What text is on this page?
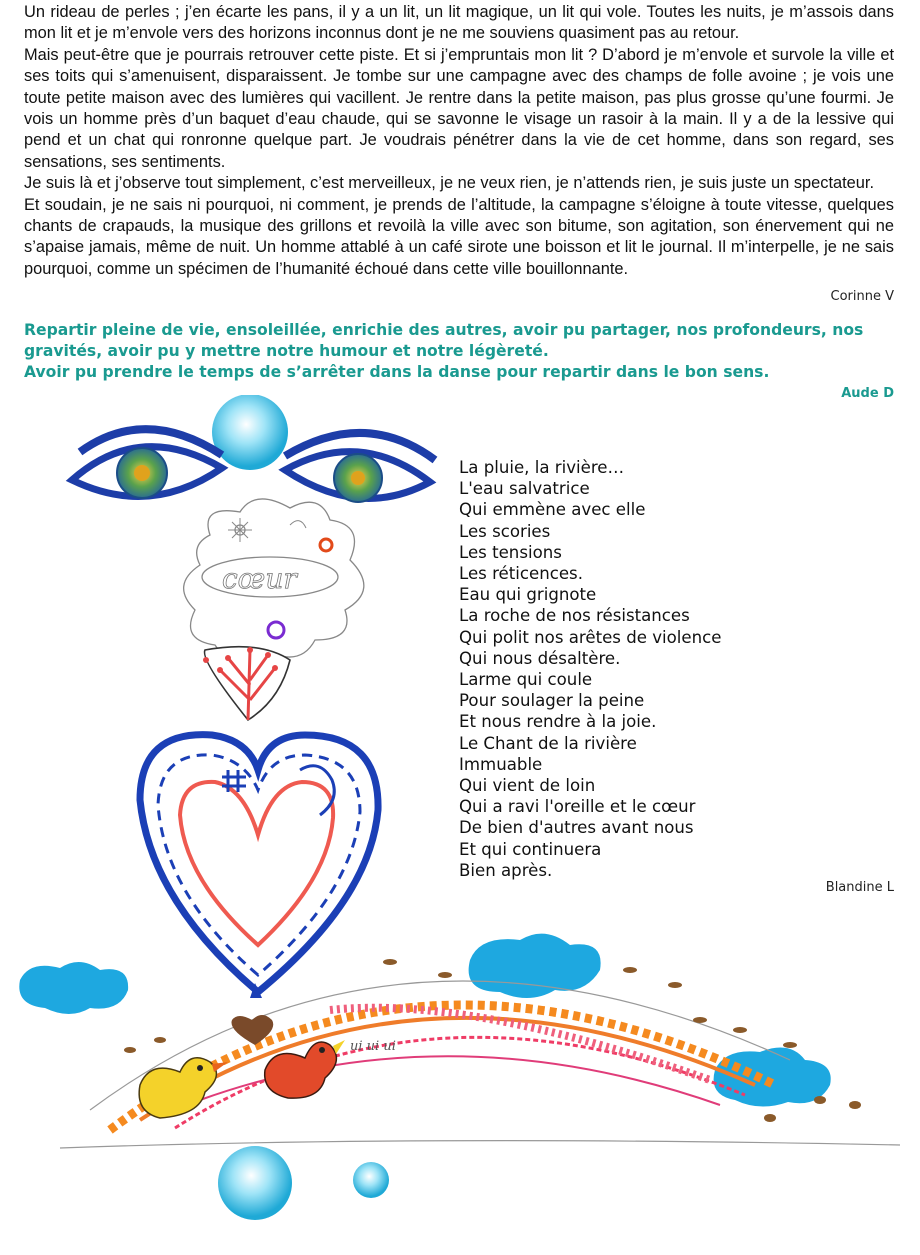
Un rideau de perles ; j’en écarte les pans, il y a un lit, un lit magique, un lit qui vole. Toutes les nuits, je m’assois dans mon lit et je m’envole vers des horizons inconnus dont je ne me souviens quasiment pas au retour.

Mais peut-être que je pourrais retrouver cette piste. Et si j’empruntais mon lit ? D’abord je m’envole et survole la ville et ses toits qui s’amenuisent, disparaissent. Je tombe sur une campagne avec des champs de folle avoine ; je vois une toute petite maison avec des lumières qui vacillent. Je rentre dans la petite maison, pas plus grosse qu’une fourmi. Je vois un homme près d’un baquet d’eau chaude, qui se savonne le visage un rasoir à la main. Il y a de la lessive qui pend et un chat qui ronronne quelque part. Je voudrais pénétrer dans la vie de cet homme, dans son regard, ses sensations, ses sentiments.

Je suis là et j’observe tout simplement, c’est merveilleux, je ne veux rien, je n’attends rien, je suis juste un spectateur.

Et soudain, je ne sais ni pourquoi, ni comment, je prends de l’altitude, la campagne s’éloigne à toute vitesse, quelques chants de crapauds, la musique des grillons et revoilà la ville avec son bitume, son agitation, son énervement qui ne s’apaise jamais, même de nuit. Un homme attablé à un café sirote une boisson et lit le journal. Il m’interpelle, je ne sais pourquoi, comme un spécimen de l’humanité échoué dans cette ville bouillonnante.

Corinne V

Repartir pleine de vie, ensoleillée, enrichie des autres, avoir pu partager, nos profondeurs, nos gravités, avoir pu y mettre notre humour et notre légèreté.

Avoir pu prendre le temps de s’arrêter dans la danse pour repartir dans le bon sens.

Aude D
cœur
ui ui ui
La pluie, la rivière…
L'eau salvatrice
Qui emmène avec elle
Les scories
Les tensions
Les réticences.
Eau qui grignote
La roche de nos résistances
Qui polit nos arêtes de violence
Qui nous désaltère.
Larme qui coule
Pour soulager la peine
Et nous rendre à la joie.
Le Chant de la rivière
Immuable
Qui vient de loin
Qui a ravi l'oreille et le cœur
De bien d'autres avant nous
Et qui continuera
Bien après.
Blandine L
